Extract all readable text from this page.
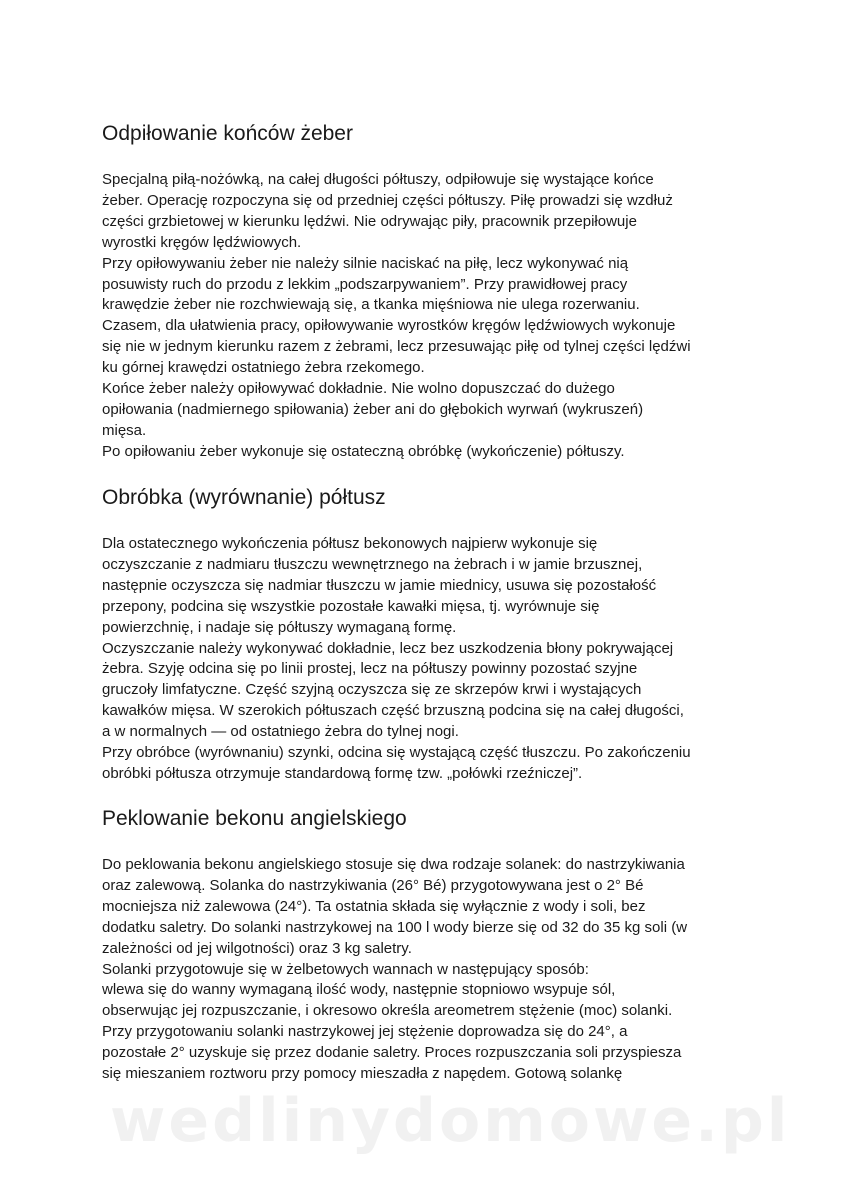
Odpiłowanie końców żeber
Specjalną piłą-nożówką, na całej długości półtuszy, odpiłowuje się wystające końce
żeber. Operację rozpoczyna się od przedniej części półtuszy. Piłę prowadzi się wzdłuż
części grzbietowej w kierunku lędźwi. Nie odrywając piły, pracownik przepiłowuje
wyrostki kręgów lędźwiowych.
Przy opiłowywaniu żeber nie należy silnie naciskać na piłę, lecz wykonywać nią
posuwisty ruch do przodu z lekkim „podszarpywaniem”. Przy prawidłowej pracy
krawędzie żeber nie rozchwiewają się, a tkanka mięśniowa nie ulega rozerwaniu.
Czasem, dla ułatwienia pracy, opiłowywanie wyrostków kręgów lędźwiowych wykonuje
się nie w jednym kierunku razem z żebrami, lecz przesuwając piłę od tylnej części lędźwi
ku górnej krawędzi ostatniego żebra rzekomego.
Końce żeber należy opiłowywać dokładnie. Nie wolno dopuszczać do dużego
opiłowania (nadmiernego spiłowania) żeber ani do głębokich wyrwań (wykruszeń)
mięsa.
Po opiłowaniu żeber wykonuje się ostateczną obróbkę (wykończenie) półtuszy.
Obróbka (wyrównanie) półtusz
Dla ostatecznego wykończenia półtusz bekonowych najpierw wykonuje się
oczyszczanie z nadmiaru tłuszczu wewnętrznego na żebrach i w jamie brzusznej,
następnie oczyszcza się nadmiar tłuszczu w jamie miednicy, usuwa się pozostałość
przepony, podcina się wszystkie pozostałe kawałki mięsa, tj. wyrównuje się
powierzchnię, i nadaje się półtuszy wymaganą formę.
Oczyszczanie należy wykonywać dokładnie, lecz bez uszkodzenia błony pokrywającej
żebra. Szyję odcina się po linii prostej, lecz na półtuszy powinny pozostać szyjne
gruczoły limfatyczne. Część szyjną oczyszcza się ze skrzepów krwi i wystających
kawałków mięsa. W szerokich półtuszach część brzuszną podcina się na całej długości,
a w normalnych — od ostatniego żebra do tylnej nogi.
Przy obróbce (wyrównaniu) szynki, odcina się wystającą część tłuszczu. Po zakończeniu
obróbki półtusza otrzymuje standardową formę tzw. „połówki rzeźniczej”.
Peklowanie bekonu angielskiego
Do peklowania bekonu angielskiego stosuje się dwa rodzaje solanek: do nastrzykiwania
oraz zalewową. Solanka do nastrzykiwania (26° Bé) przygotowywana jest o 2° Bé
mocniejsza niż zalewowa (24°). Ta ostatnia składa się wyłącznie z wody i soli, bez
dodatku saletry. Do solanki nastrzykowej na 100 l wody bierze się od 32 do 35 kg soli (w
zależności od jej wilgotności) oraz 3 kg saletry.
Solanki przygotowuje się w żelbetowych wannach w następujący sposób:
wlewa się do wanny wymaganą ilość wody, następnie stopniowo wsypuje sól,
obserwując jej rozpuszczanie, i okresowo określa areometrem stężenie (moc) solanki.
Przy przygotowaniu solanki nastrzykowej jej stężenie doprowadza się do 24°, a
pozostałe 2° uzyskuje się przez dodanie saletry. Proces rozpuszczania soli przyspiesza
się mieszaniem roztworu przy pomocy mieszadła z napędem. Gotową solankę
wedlinydomowe.pl
